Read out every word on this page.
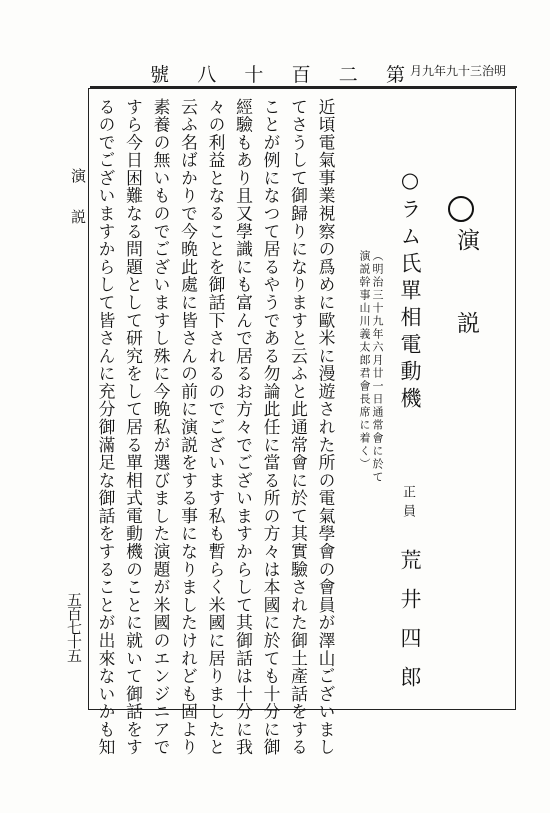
號 八 十 百 二 第 月九年九十三治明
演説
五百七十五
演説
○ラム氏單相電動機
（明治三十九年六月廿一日通常會に於て
演説幹事山川義太郎君會長席に着く）
正員
荒井四郎
近頃電氣事業視察の爲めに歐米に漫遊された所の電氣學會の會員が澤山ございまし
てさうして御歸りになりますと云ふと此通常會に於て其實驗された御土產話をする
ことが例になつて居るやうである勿論此任に當る所の方々は本國に於ても十分に御
經驗もあり且又學識にも富んで居るお方々でございますからして其御話は十分に我
々の利益となることを御話下されるのでございます私も暫らく米國に居りましたと
云ふ名ばかりで今晩此處に皆さんの前に演説をする事になりましたけれども固より
素養の無いものでございますし殊に今晩私が選びました演題が米國のエンジニアで
すら今日困難なる問題として研究をして居る單相式電動機のことに就いて御話をす
るのでございますからして皆さんに充分御滿足な御話をすることが出來ないかも知
